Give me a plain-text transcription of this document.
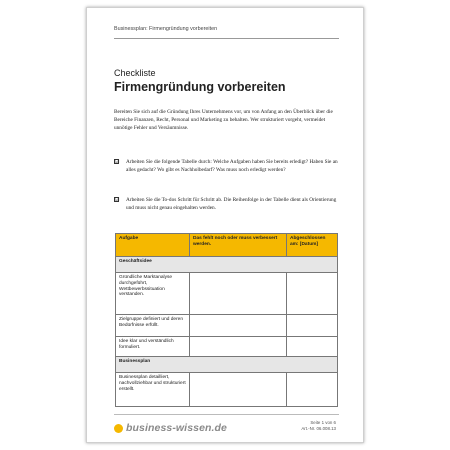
Businessplan: Firmengründung vorbereiten
Checkliste
Firmengründung vorbereiten
Bereiten Sie sich auf die Gründung Ihres Unternehmens vor, um von Anfang an den Überblick über die Bereiche Finanzen, Recht, Personal und Marketing zu behalten. Wer strukturiert vorgeht, vermeidet unnötige Fehler und Versäumnisse.
☑ Arbeiten Sie die folgende Tabelle durch: Welche Aufgaben haben Sie bereits erledigt? Haben Sie an alles gedacht? Wo gibt es Nachholbedarf? Was muss noch erledigt werden?
☑ Arbeiten Sie die To-dos Schritt für Schritt ab. Die Reihenfolge in der Tabelle dient als Orientierung und muss nicht genau eingehalten werden.
Aufgabe	Das fehlt noch oder muss verbessert werden.	Abgeschlossen am: [Datum]
Geschäftsidee		
Gründliche Marktanalyse durchgeführt, Wettbewerbssituation verstanden.		
Zielgruppe definiert und deren Bedürfnisse erfüllt.		
Idee klar und verständlich formuliert.		
Businessplan		
Businessplan detailliert, nachvollziehbar und strukturiert erstellt.		
business-wissen.de	Seite 1 von 6
Art.-Nr. 06.008.13
